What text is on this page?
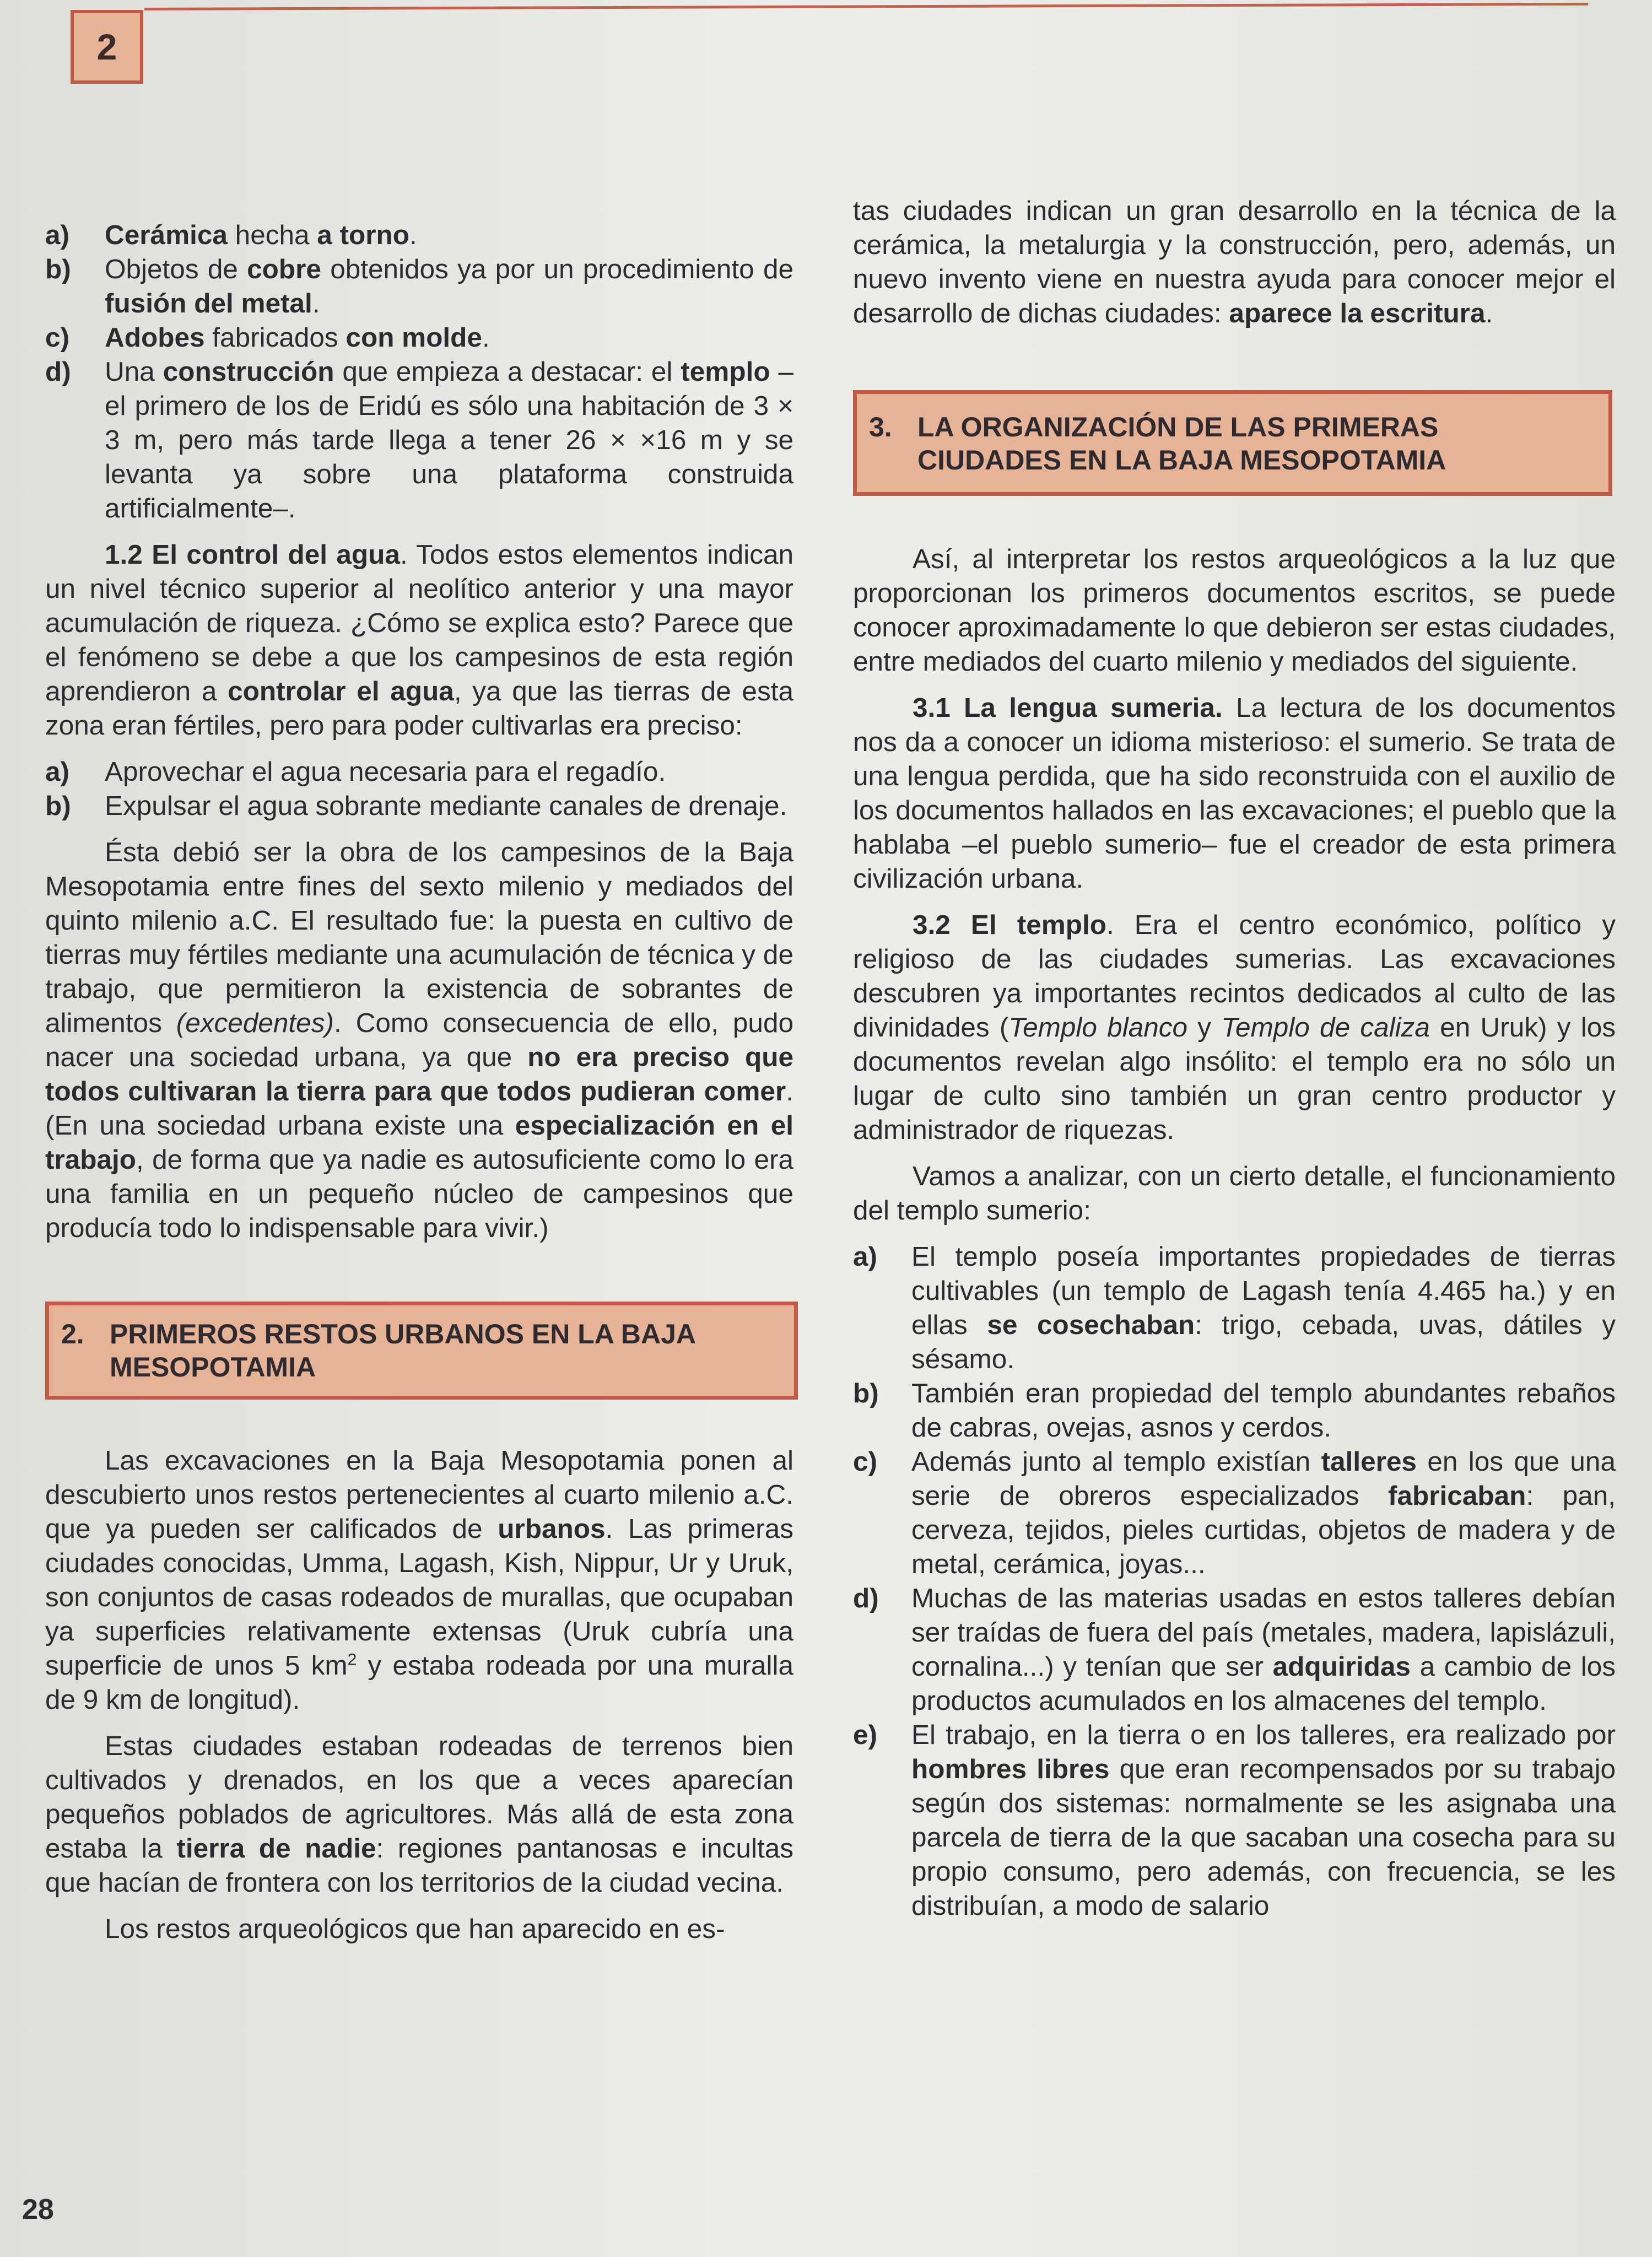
2
a)	Cerámica hecha a torno.
b)	Objetos de cobre obtenidos ya por un procedimiento de fusión del metal.
c)	Adobes fabricados con molde.
d)	Una construcción que empieza a destacar: el templo –el primero de los de Eridú es sólo una habitación de 3 × 3 m, pero más tarde llega a tener 26 × ×16 m y se levanta ya sobre una plataforma construida artificialmente–.

1.2 El control del agua. Todos estos elementos indican un nivel técnico superior al neolítico anterior y una mayor acumulación de riqueza. ¿Cómo se explica esto? Parece que el fenómeno se debe a que los campesinos de esta región aprendieron a controlar el agua, ya que las tierras de esta zona eran fértiles, pero para poder cultivarlas era preciso:

a)	Aprovechar el agua necesaria para el regadío.
b)	Expulsar el agua sobrante mediante canales de drenaje.

Ésta debió ser la obra de los campesinos de la Baja Mesopotamia entre fines del sexto milenio y mediados del quinto milenio a.C. El resultado fue: la puesta en cultivo de tierras muy fértiles mediante una acumulación de técnica y de trabajo, que permitieron la existencia de sobrantes de alimentos (excedentes). Como consecuencia de ello, pudo nacer una sociedad urbana, ya que no era preciso que todos cultivaran la tierra para que todos pudieran comer. (En una sociedad urbana existe una especialización en el trabajo, de forma que ya nadie es autosuficiente como lo era una familia en un pequeño núcleo de campesinos que producía todo lo indispensable para vivir.)

2. PRIMEROS RESTOS URBANOS EN LA BAJA
MESOPOTAMIA

Las excavaciones en la Baja Mesopotamia ponen al descubierto unos restos pertenecientes al cuarto milenio a.C. que ya pueden ser calificados de urbanos. Las primeras ciudades conocidas, Umma, Lagash, Kish, Nippur, Ur y Uruk, son conjuntos de casas rodeados de murallas, que ocupaban ya superficies relativamente extensas (Uruk cubría una superficie de unos 5 $km^2$ y estaba rodeada por una muralla de 9 km de longitud).

Estas ciudades estaban rodeadas de terrenos bien cultivados y drenados, en los que a veces aparecían pequeños poblados de agricultores. Más allá de esta zona estaba la tierra de nadie: regiones pantanosas e incultas que hacían de frontera con los territorios de la ciudad vecina.

Los restos arqueológicos que han aparecido en es-

tas ciudades indican un gran desarrollo en la técnica de la cerámica, la metalurgia y la construcción, pero, además, un nuevo invento viene en nuestra ayuda para conocer mejor el desarrollo de dichas ciudades: aparece la escritura.

3. LA ORGANIZACIÓN DE LAS PRIMERAS
CIUDADES EN LA BAJA MESOPOTAMIA

Así, al interpretar los restos arqueológicos a la luz que proporcionan los primeros documentos escritos, se puede conocer aproximadamente lo que debieron ser estas ciudades, entre mediados del cuarto milenio y mediados del siguiente.

3.1 La lengua sumeria. La lectura de los documentos nos da a conocer un idioma misterioso: el sumerio. Se trata de una lengua perdida, que ha sido reconstruida con el auxilio de los documentos hallados en las excavaciones; el pueblo que la hablaba –el pueblo sumerio– fue el creador de esta primera civilización urbana.

3.2 El templo. Era el centro económico, político y religioso de las ciudades sumerias. Las excavaciones descubren ya importantes recintos dedicados al culto de las divinidades (Templo blanco y Templo de caliza en Uruk) y los documentos revelan algo insólito: el templo era no sólo un lugar de culto sino también un gran centro productor y administrador de riquezas.

Vamos a analizar, con un cierto detalle, el funcionamiento del templo sumerio:

a)	El templo poseía importantes propiedades de tierras cultivables (un templo de Lagash tenía 4.465 ha.) y en ellas se cosechaban: trigo, cebada, uvas, dátiles y sésamo.
b)	También eran propiedad del templo abundantes rebaños de cabras, ovejas, asnos y cerdos.
c)	Además junto al templo existían talleres en los que una serie de obreros especializados fabricaban: pan, cerveza, tejidos, pieles curtidas, objetos de madera y de metal, cerámica, joyas...
d)	Muchas de las materias usadas en estos talleres debían ser traídas de fuera del país (metales, madera, lapislázuli, cornalina...) y tenían que ser adquiridas a cambio de los productos acumulados en los almacenes del templo.
e)	El trabajo, en la tierra o en los talleres, era realizado por hombres libres que eran recompensados por su trabajo según dos sistemas: normalmente se les asignaba una parcela de tierra de la que sacaban una cosecha para su propio consumo, pero además, con frecuencia, se les distribuían, a modo de salario
28
